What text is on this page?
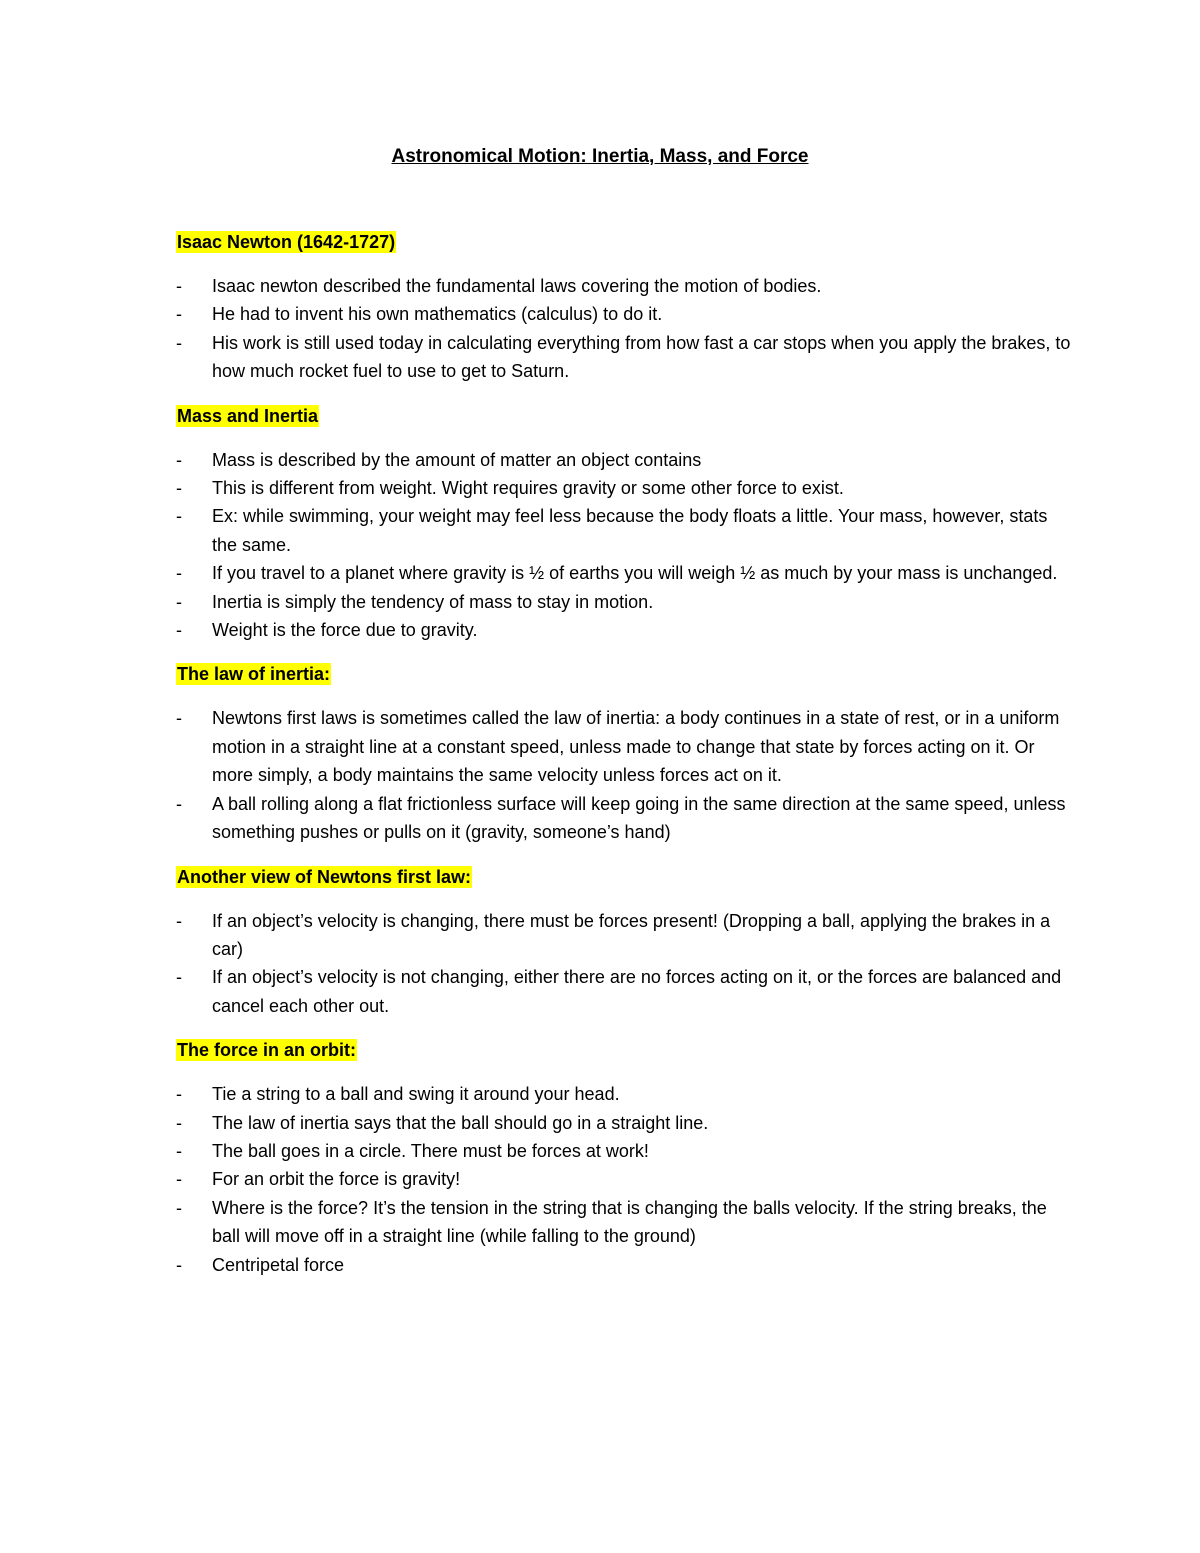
Astronomical Motion: Inertia, Mass, and Force

Isaac Newton (1642-1727)

- Isaac newton described the fundamental laws covering the motion of bodies.
- He had to invent his own mathematics (calculus) to do it.
- His work is still used today in calculating everything from how fast a car stops when you apply the brakes, to how much rocket fuel to use to get to Saturn.

Mass and Inertia

- Mass is described by the amount of matter an object contains
- This is different from weight. Wight requires gravity or some other force to exist.
- Ex: while swimming, your weight may feel less because the body floats a little. Your mass, however, stats the same.
- If you travel to a planet where gravity is ½ of earths you will weigh ½ as much by your mass is unchanged.
- Inertia is simply the tendency of mass to stay in motion.
- Weight is the force due to gravity.

The law of inertia:

- Newtons first laws is sometimes called the law of inertia: a body continues in a state of rest, or in a uniform motion in a straight line at a constant speed, unless made to change that state by forces acting on it. Or more simply, a body maintains the same velocity unless forces act on it.
- A ball rolling along a flat frictionless surface will keep going in the same direction at the same speed, unless something pushes or pulls on it (gravity, someone’s hand)

Another view of Newtons first law:

- If an object’s velocity is changing, there must be forces present! (Dropping a ball, applying the brakes in a car)
- If an object’s velocity is not changing, either there are no forces acting on it, or the forces are balanced and cancel each other out.

The force in an orbit:

- Tie a string to a ball and swing it around your head.
- The law of inertia says that the ball should go in a straight line.
- The ball goes in a circle. There must be forces at work!
- For an orbit the force is gravity!
- Where is the force? It’s the tension in the string that is changing the balls velocity. If the string breaks, the ball will move off in a straight line (while falling to the ground)
- Centripetal force
